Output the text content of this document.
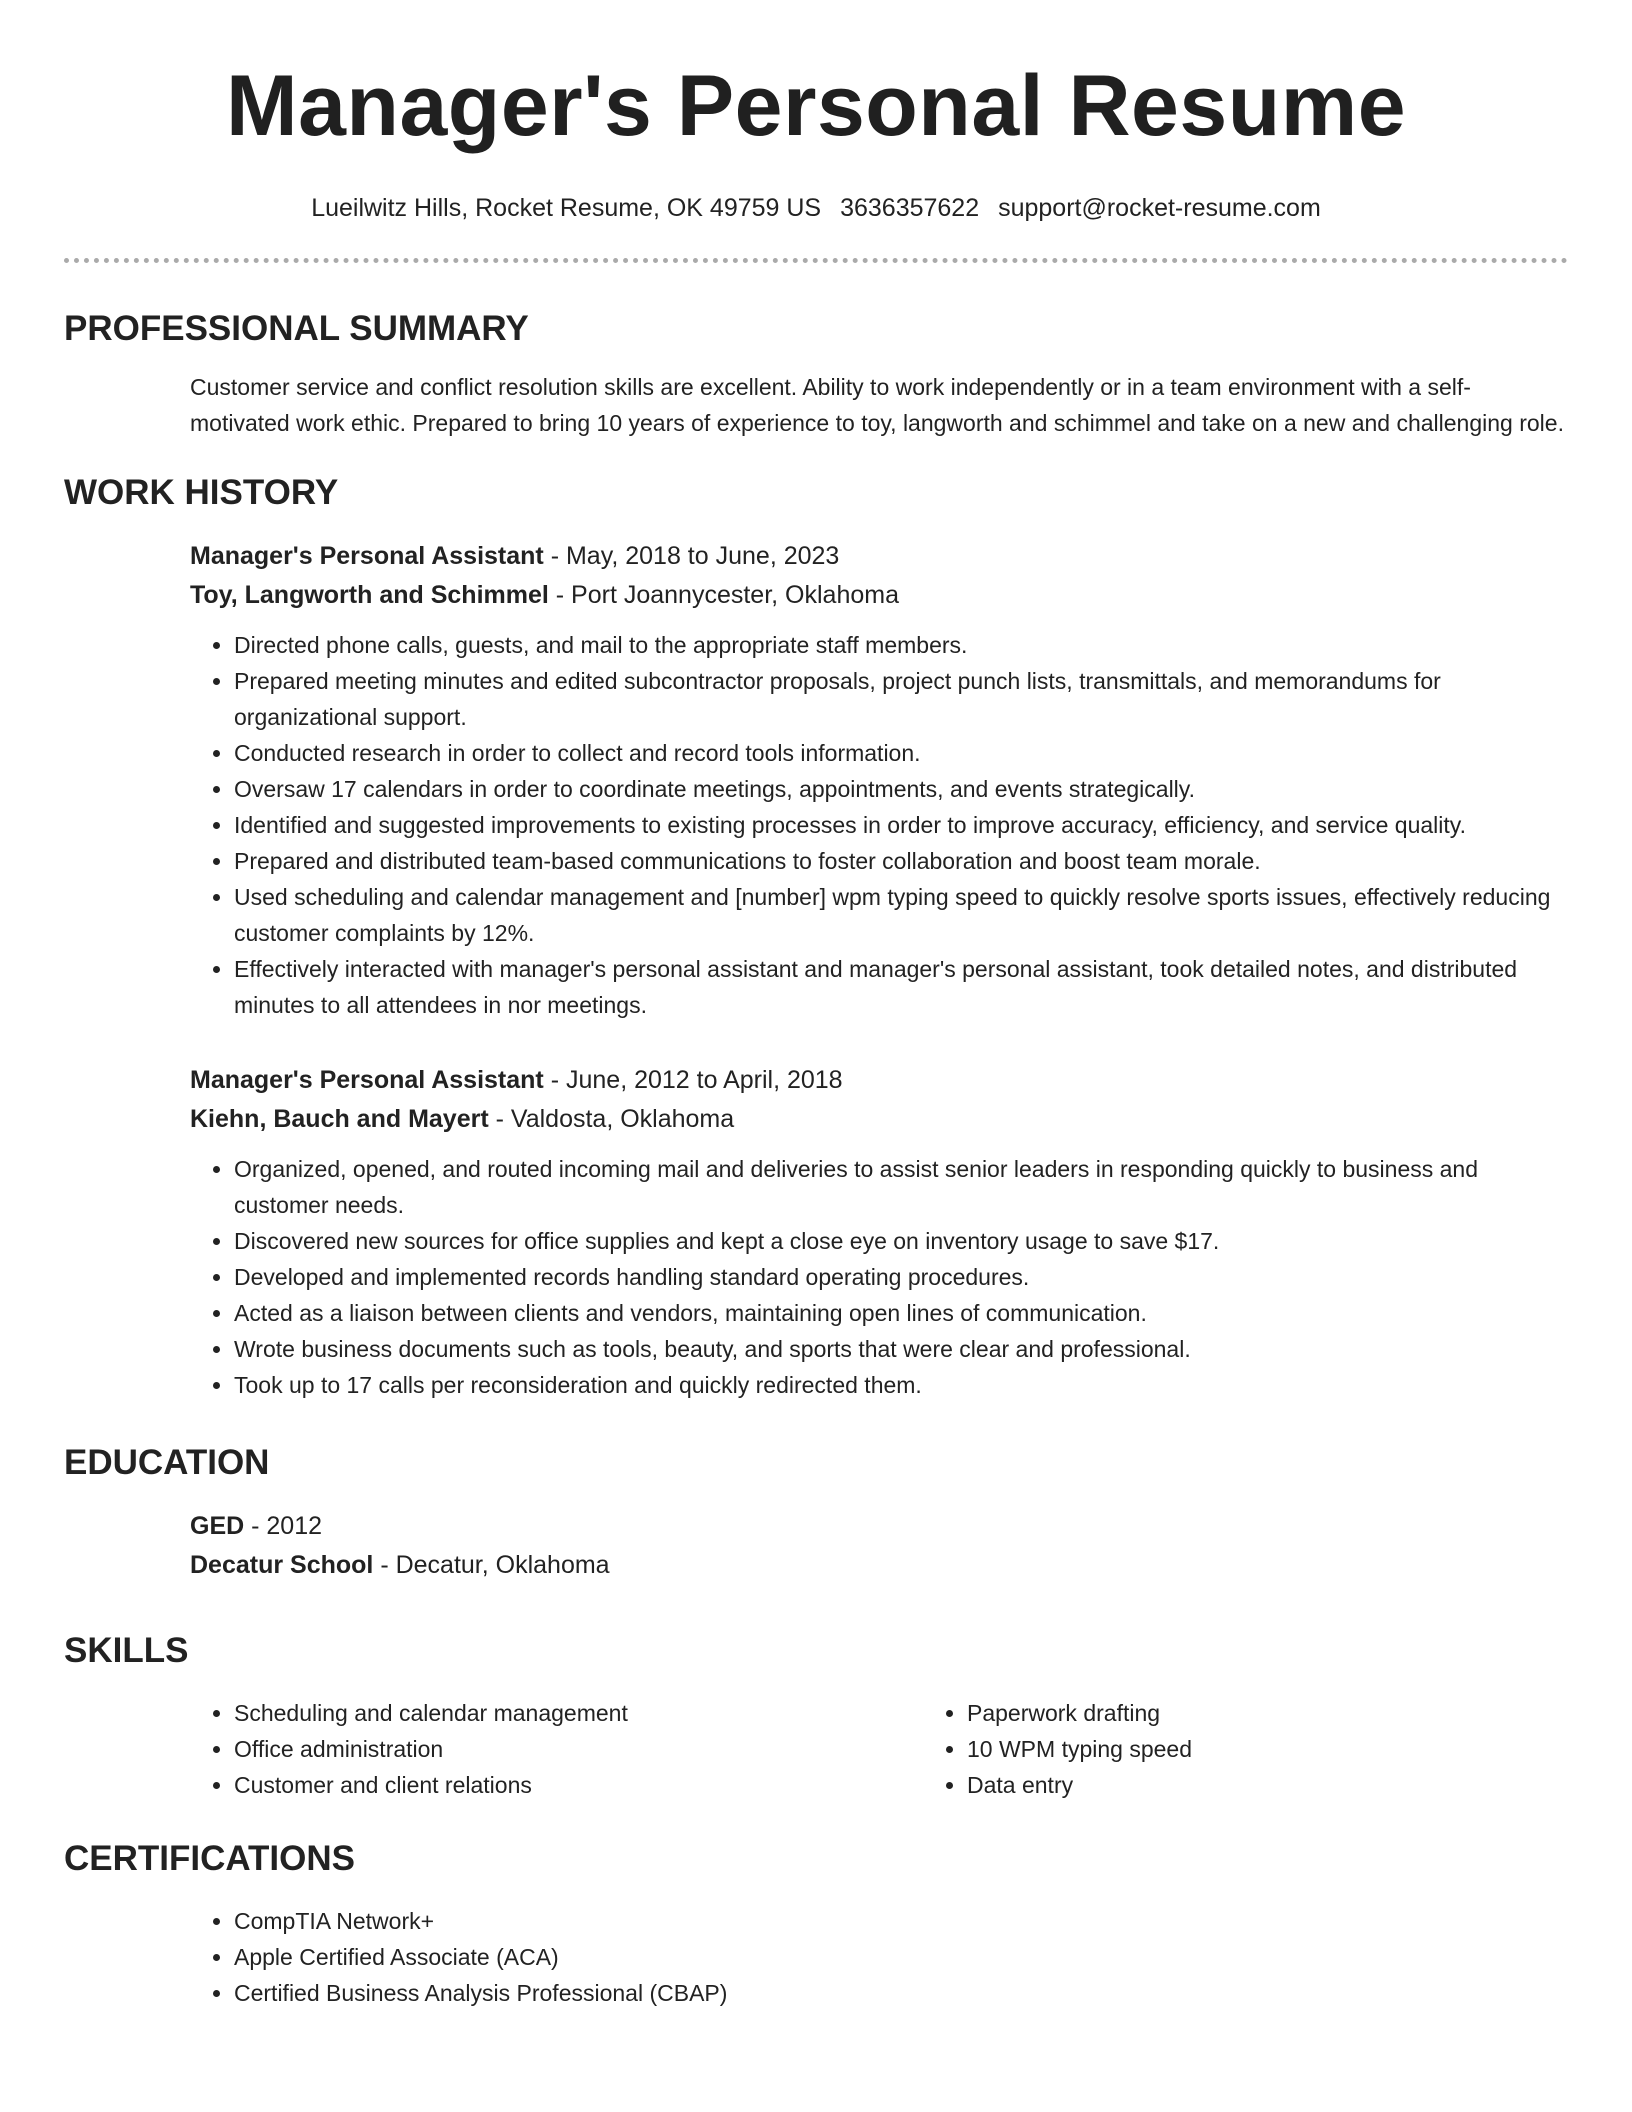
Manager's Personal Resume
Lueilwitz Hills, Rocket Resume, OK 49759 US 3636357622 support@rocket-resume.com
PROFESSIONAL SUMMARY
Customer service and conflict resolution skills are excellent. Ability to work independently or in a team environment with a self-motivated work ethic. Prepared to bring 10 years of experience to toy, langworth and schimmel and take on a new and challenging role.
WORK HISTORY
Manager's Personal Assistant - May, 2018 to June, 2023
Toy, Langworth and Schimmel - Port Joannycester, Oklahoma
• Directed phone calls, guests, and mail to the appropriate staff members.
• Prepared meeting minutes and edited subcontractor proposals, project punch lists, transmittals, and memorandums for organizational support.
• Conducted research in order to collect and record tools information.
• Oversaw 17 calendars in order to coordinate meetings, appointments, and events strategically.
• Identified and suggested improvements to existing processes in order to improve accuracy, efficiency, and service quality.
• Prepared and distributed team-based communications to foster collaboration and boost team morale.
• Used scheduling and calendar management and [number] wpm typing speed to quickly resolve sports issues, effectively reducing customer complaints by 12%.
• Effectively interacted with manager's personal assistant and manager's personal assistant, took detailed notes, and distributed minutes to all attendees in nor meetings.
Manager's Personal Assistant - June, 2012 to April, 2018
Kiehn, Bauch and Mayert - Valdosta, Oklahoma
• Organized, opened, and routed incoming mail and deliveries to assist senior leaders in responding quickly to business and customer needs.
• Discovered new sources for office supplies and kept a close eye on inventory usage to save $17.
• Developed and implemented records handling standard operating procedures.
• Acted as a liaison between clients and vendors, maintaining open lines of communication.
• Wrote business documents such as tools, beauty, and sports that were clear and professional.
• Took up to 17 calls per reconsideration and quickly redirected them.
EDUCATION
GED - 2012
Decatur School - Decatur, Oklahoma
SKILLS
• Scheduling and calendar management
• Office administration
• Customer and client relations
• Paperwork drafting
• 10 WPM typing speed
• Data entry
CERTIFICATIONS
• CompTIA Network+
• Apple Certified Associate (ACA)
• Certified Business Analysis Professional (CBAP)
